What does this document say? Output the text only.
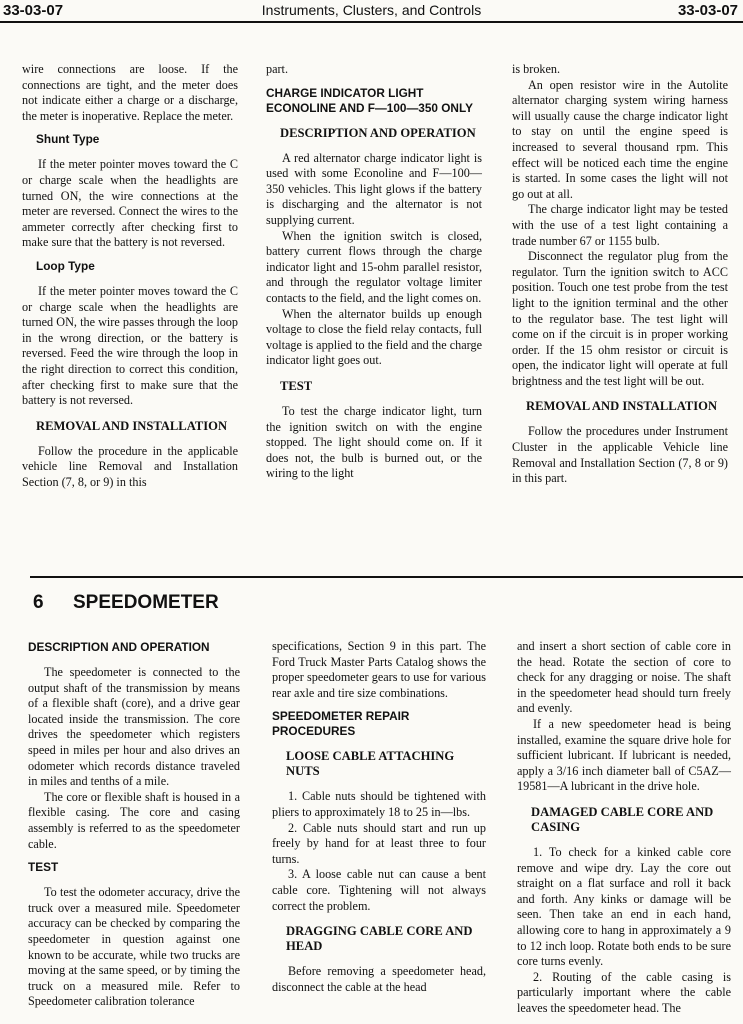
33-03-07	Instruments, Clusters, and Controls	33-03-07

wire connections are loose. If the connections are tight, and the meter does not indicate either a charge or a discharge, the meter is inoperative. Replace the meter.

Shunt Type

If the meter pointer moves toward the C or charge scale when the headlights are turned ON, the wire connections at the meter are reversed. Connect the wires to the ammeter correctly after checking first to make sure that the battery is not reversed.

Loop Type

If the meter pointer moves toward the C or charge scale when the headlights are turned ON, the wire passes through the loop in the wrong direction, or the battery is reversed. Feed the wire through the loop in the right direction to correct this condition, after checking first to make sure that the battery is not reversed.

REMOVAL AND INSTALLATION

Follow the procedure in the applicable vehicle line Removal and Installation Section (7, 8, or 9) in this

part.

CHARGE INDICATOR LIGHT ECONOLINE AND F—100—350 ONLY
DESCRIPTION AND OPERATION

A red alternator charge indicator light is used with some Econoline and F—100—350 vehicles. This light glows if the battery is discharging and the alternator is not supplying current.

When the ignition switch is closed, battery current flows through the charge indicator light and 15-ohm parallel resistor, and through the regulator voltage limiter contacts to the field, and the light comes on.

When the alternator builds up enough voltage to close the field relay contacts, full voltage is applied to the field and the charge indicator light goes out.

TEST

To test the charge indicator light, turn the ignition switch on with the engine stopped. The light should come on. If it does not, the bulb is burned out, or the wiring to the light

is broken.

An open resistor wire in the Autolite alternator charging system wiring harness will usually cause the charge indicator light to stay on until the engine speed is increased to several thousand rpm. This effect will be noticed each time the engine is started. In some cases the light will not go out at all.

The charge indicator light may be tested with the use of a test light containing a trade number 67 or 1155 bulb.

Disconnect the regulator plug from the regulator. Turn the ignition switch to ACC position. Touch one test probe from the test light to the ignition terminal and the other to the regulator base. The test light will come on if the circuit is in proper working order. If the 15 ohm resistor or circuit is open, the indicator light will operate at full brightness and the test light will be out.

REMOVAL AND INSTALLATION

Follow the procedures under Instrument Cluster in the applicable Vehicle line Removal and Installation Section (7, 8 or 9) in this part.

6 SPEEDOMETER
DESCRIPTION AND OPERATION

The speedometer is connected to the output shaft of the transmission by means of a flexible shaft (core), and a drive gear located inside the transmission. The core drives the speedometer which registers speed in miles per hour and also drives an odometer which records distance traveled in miles and tenths of a mile.

The core or flexible shaft is housed in a flexible casing. The core and casing assembly is referred to as the speedometer cable.

TEST

To test the odometer accuracy, drive the truck over a measured mile. Speedometer accuracy can be checked by comparing the speedometer in question against one known to be accurate, while two trucks are moving at the same speed, or by timing the truck on a measured mile. Refer to Speedometer calibration tolerance

specifications, Section 9 in this part. The Ford Truck Master Parts Catalog shows the proper speedometer gears to use for various rear axle and tire size combinations.

SPEEDOMETER REPAIR PROCEDURES
LOOSE CABLE ATTACHING NUTS

1. Cable nuts should be tightened with pliers to approximately 18 to 25 in—lbs.

2. Cable nuts should start and run up freely by hand for at least three to four turns.

3. A loose cable nut can cause a bent cable core. Tightening will not always correct the problem.

DRAGGING CABLE CORE AND HEAD

Before removing a speedometer head, disconnect the cable at the head

and insert a short section of cable core in the head. Rotate the section of core to check for any dragging or noise. The shaft in the speedometer head should turn freely and evenly.

If a new speedometer head is being installed, examine the square drive hole for sufficient lubricant. If lubricant is needed, apply a 3/16 inch diameter ball of C5AZ—19581—A lubricant in the drive hole.

DAMAGED CABLE CORE AND CASING

1. To check for a kinked cable core remove and wipe dry. Lay the core out straight on a flat surface and roll it back and forth. Any kinks or damage will be seen. Then take an end in each hand, allowing core to hang in approximately a 9 to 12 inch loop. Rotate both ends to be sure core turns evenly.

2. Routing of the cable casing is particularly important where the cable leaves the speedometer head. The
